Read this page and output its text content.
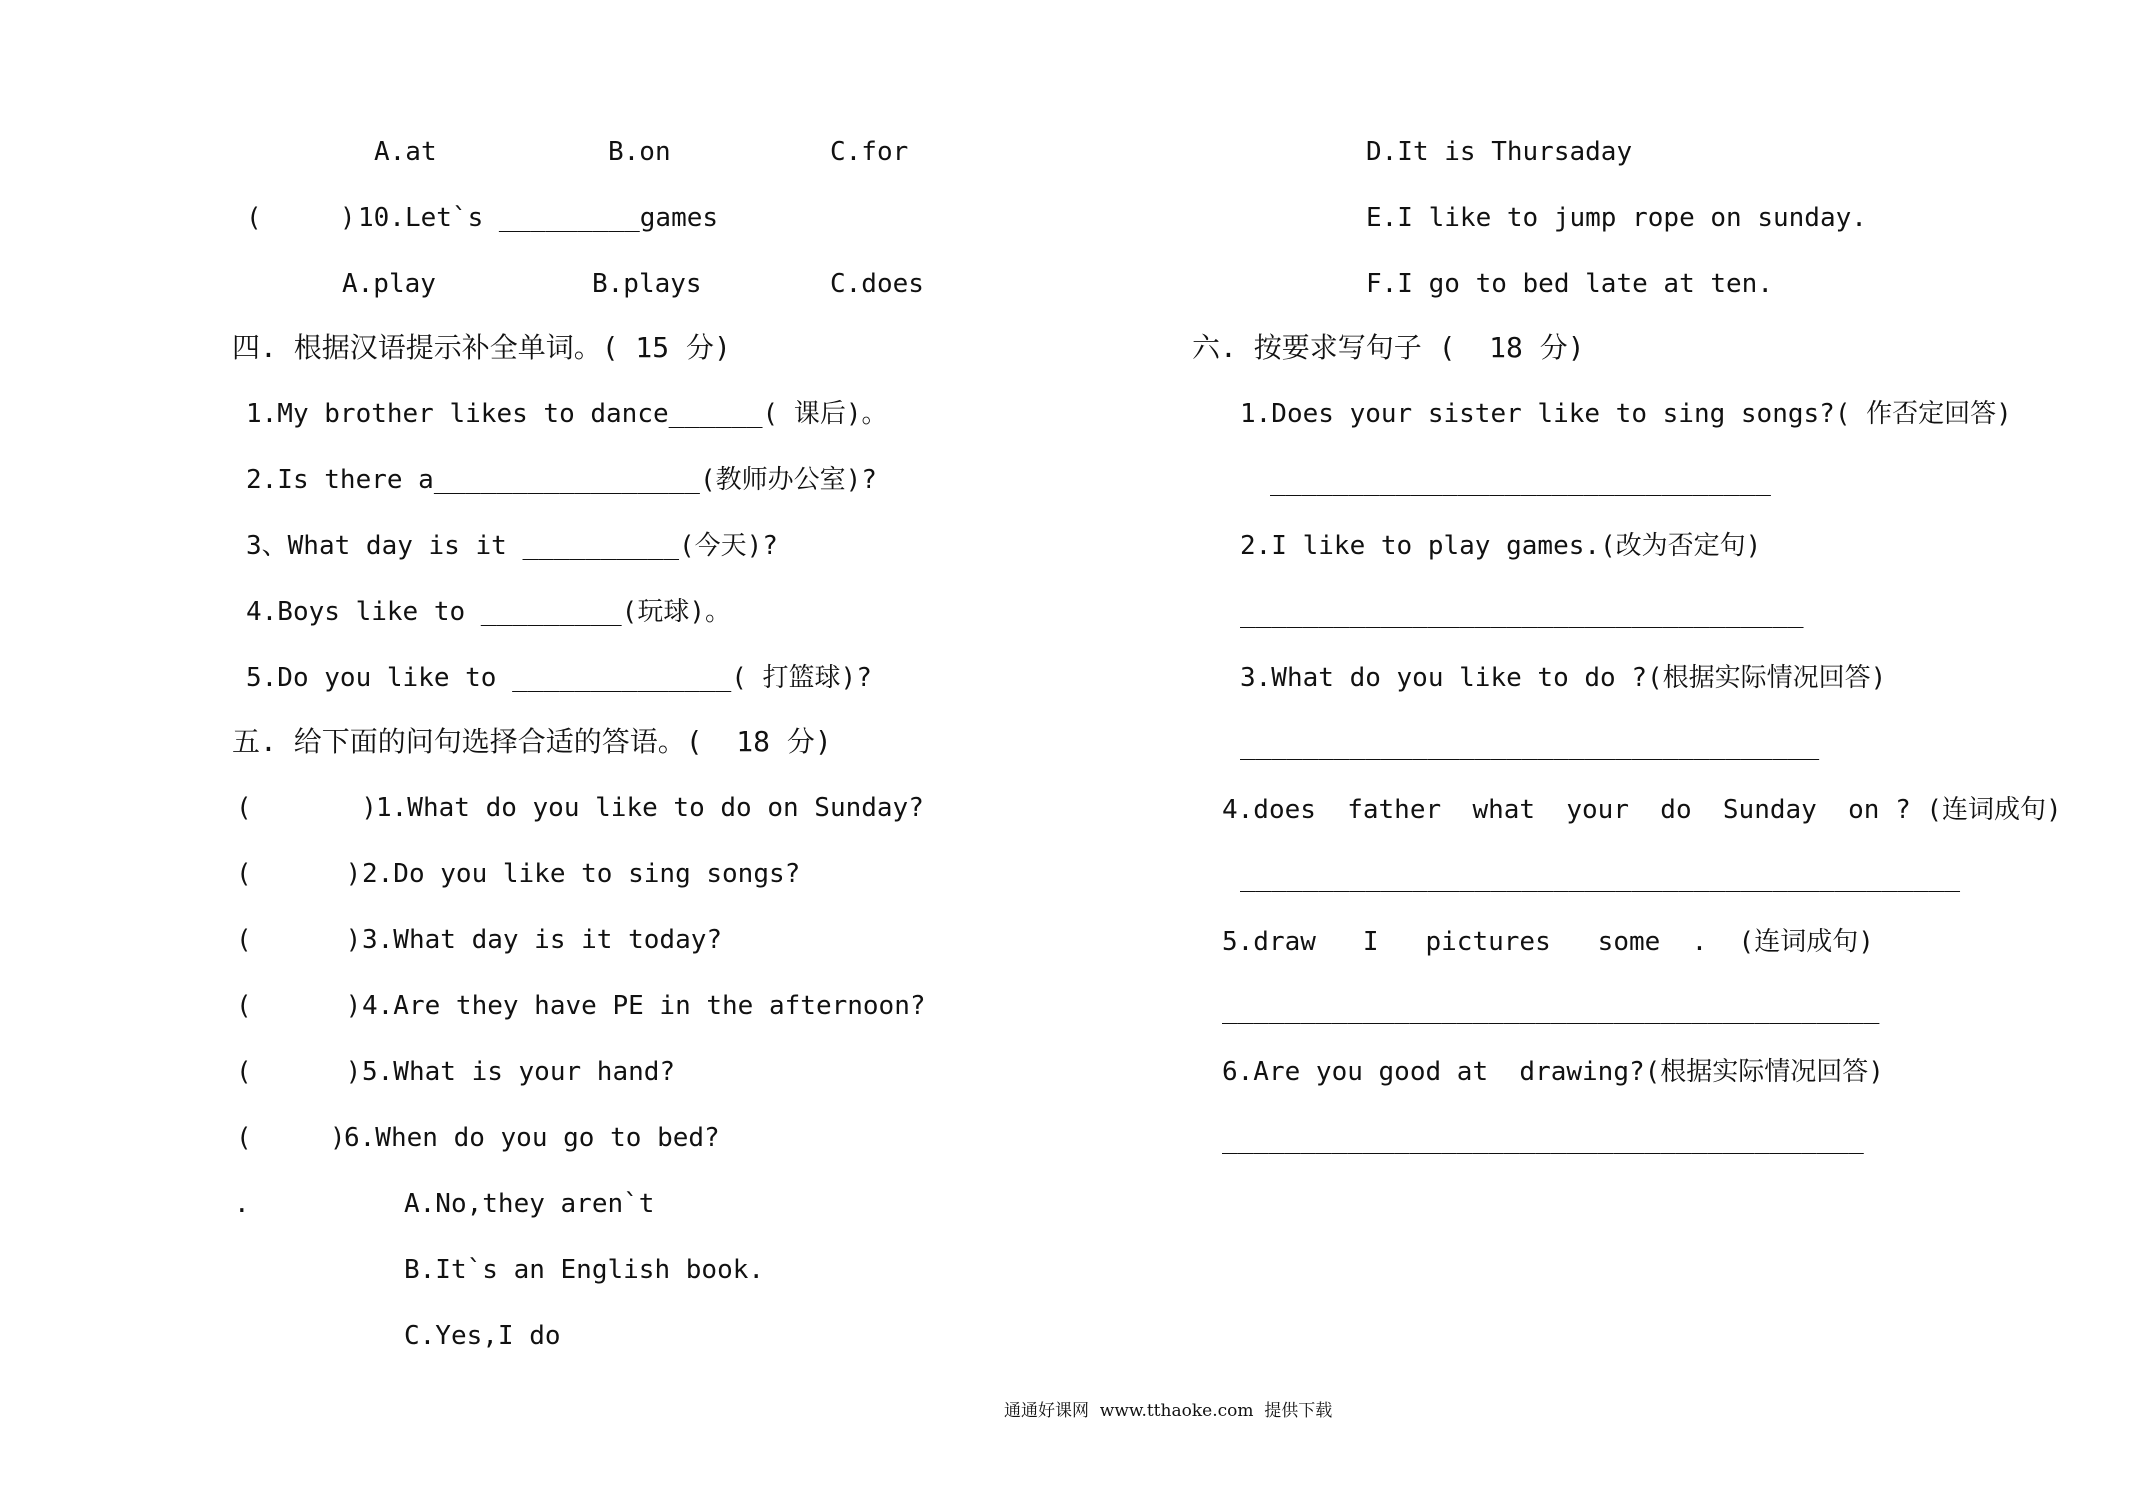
A.at	B.on	C.for
(     ) 10.Let`s _________games
A.play	B.plays	C.does
四. 根据汉语提示补全单词。( 15 分)
1.My brother likes to dance______( 课后)。
2.Is there a_________________(教师办公室)?
3、What day is it __________(今天)?
4.Boys like to _________(玩球)。
5.Do you like to ______________( 打篮球)?
五. 给下面的问句选择合适的答语。(  18 分)
(       ) 1.What do you like to do on Sunday?
(      ) 2.Do you like to sing songs?
(      ) 3.What day is it today?
(      ) 4.Are they have PE in the afternoon?
(      ) 5.What is your hand?
(     )
6.When do you go to bed?
.	A.No,they aren`t
B.It`s an English book.
C.Yes,I do
D.It is Thursaday
E.I like to jump rope on sunday.
F.I go to bed late at ten.
六. 按要求写句子 (  18 分)
1.Does your sister like to sing songs?( 作否定回答)
________________________________
2.I like to play games.(改为否定句)
____________________________________
3.What do you like to do ?(根据实际情况回答)
_____________________________________
4.does  father  what  your  do  Sunday  on ? (连词成句)
______________________________________________
5.draw   I   pictures   some  .  (连词成句)
__________________________________________
6.Are you good at  drawing?(根据实际情况回答)
_________________________________________
通通好课网  www.tthaoke.com  提供下载
